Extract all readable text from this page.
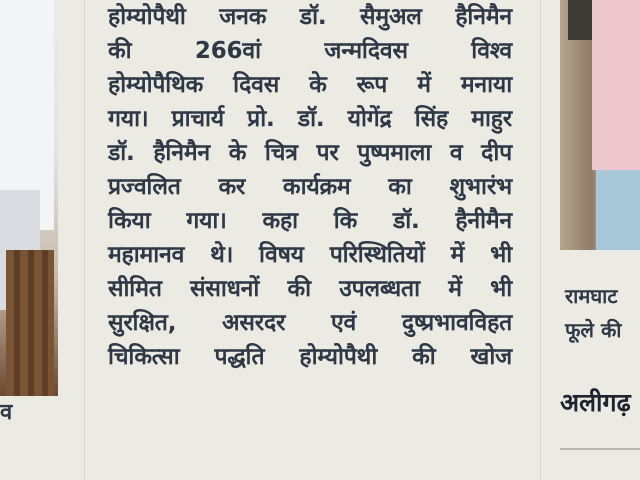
व
होम्योपैथी जनक डॉ. सैमुअल हैनिमैन
की 266वां जन्मदिवस विश्व
होम्योपैथिक दिवस के रूप में मनाया
गया। प्राचार्य प्रो. डॉ. योगेंद्र सिंह माहुर
डॉ. हैनिमैन के चित्र पर पुष्पमाला व दीप
प्रज्वलित कर कार्यक्रम का शुभारंभ
किया गया। कहा कि डॉ. हैनीमैन
महामानव थे। विषय परिस्थितियों में भी
सीमित संसाधनों की उपलब्धता में भी
सुरक्षित, असरदर एवं दुष्प्रभावविहत
चिकित्सा पद्धति होम्योपैथी की खोज
रामघाट
फूले की
अलीगढ़
